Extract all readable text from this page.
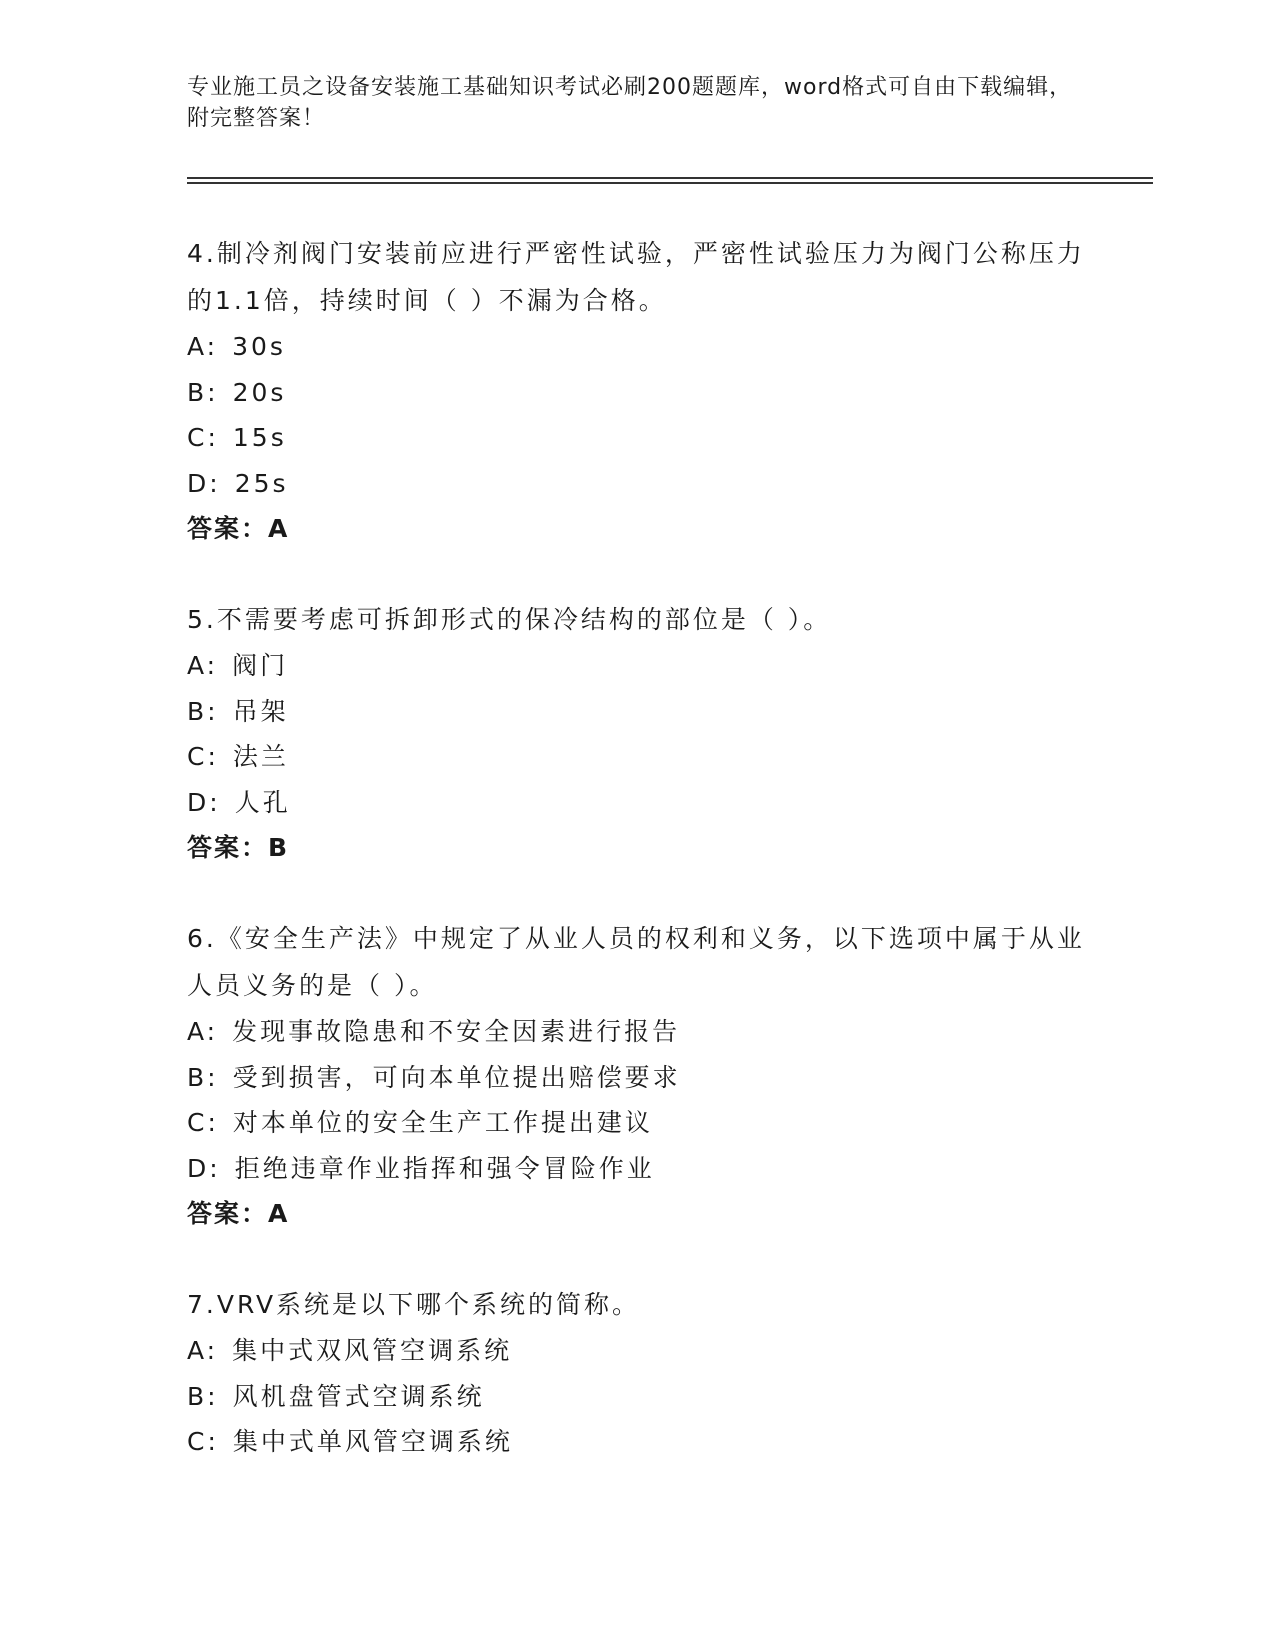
专业施工员之设备安装施工基础知识考试必刷200题题库，word格式可自由下载编辑，附完整答案！

4.制冷剂阀门安装前应进行严密性试验，严密性试验压力为阀门公称压力的1.1倍，持续时间（ ）不漏为合格。

A: 30s

B: 20s

C: 15s

D: 25s

答案：A

5.不需要考虑可拆卸形式的保冷结构的部位是（ ）。

A: 阀门

B: 吊架

C: 法兰

D: 人孔

答案：B

6.《安全生产法》中规定了从业人员的权利和义务，以下选项中属于从业人员义务的是（ ）。

A: 发现事故隐患和不安全因素进行报告

B: 受到损害，可向本单位提出赔偿要求

C: 对本单位的安全生产工作提出建议

D: 拒绝违章作业指挥和强令冒险作业

答案：A

7.VRV系统是以下哪个系统的简称。

A: 集中式双风管空调系统

B: 风机盘管式空调系统

C: 集中式单风管空调系统
